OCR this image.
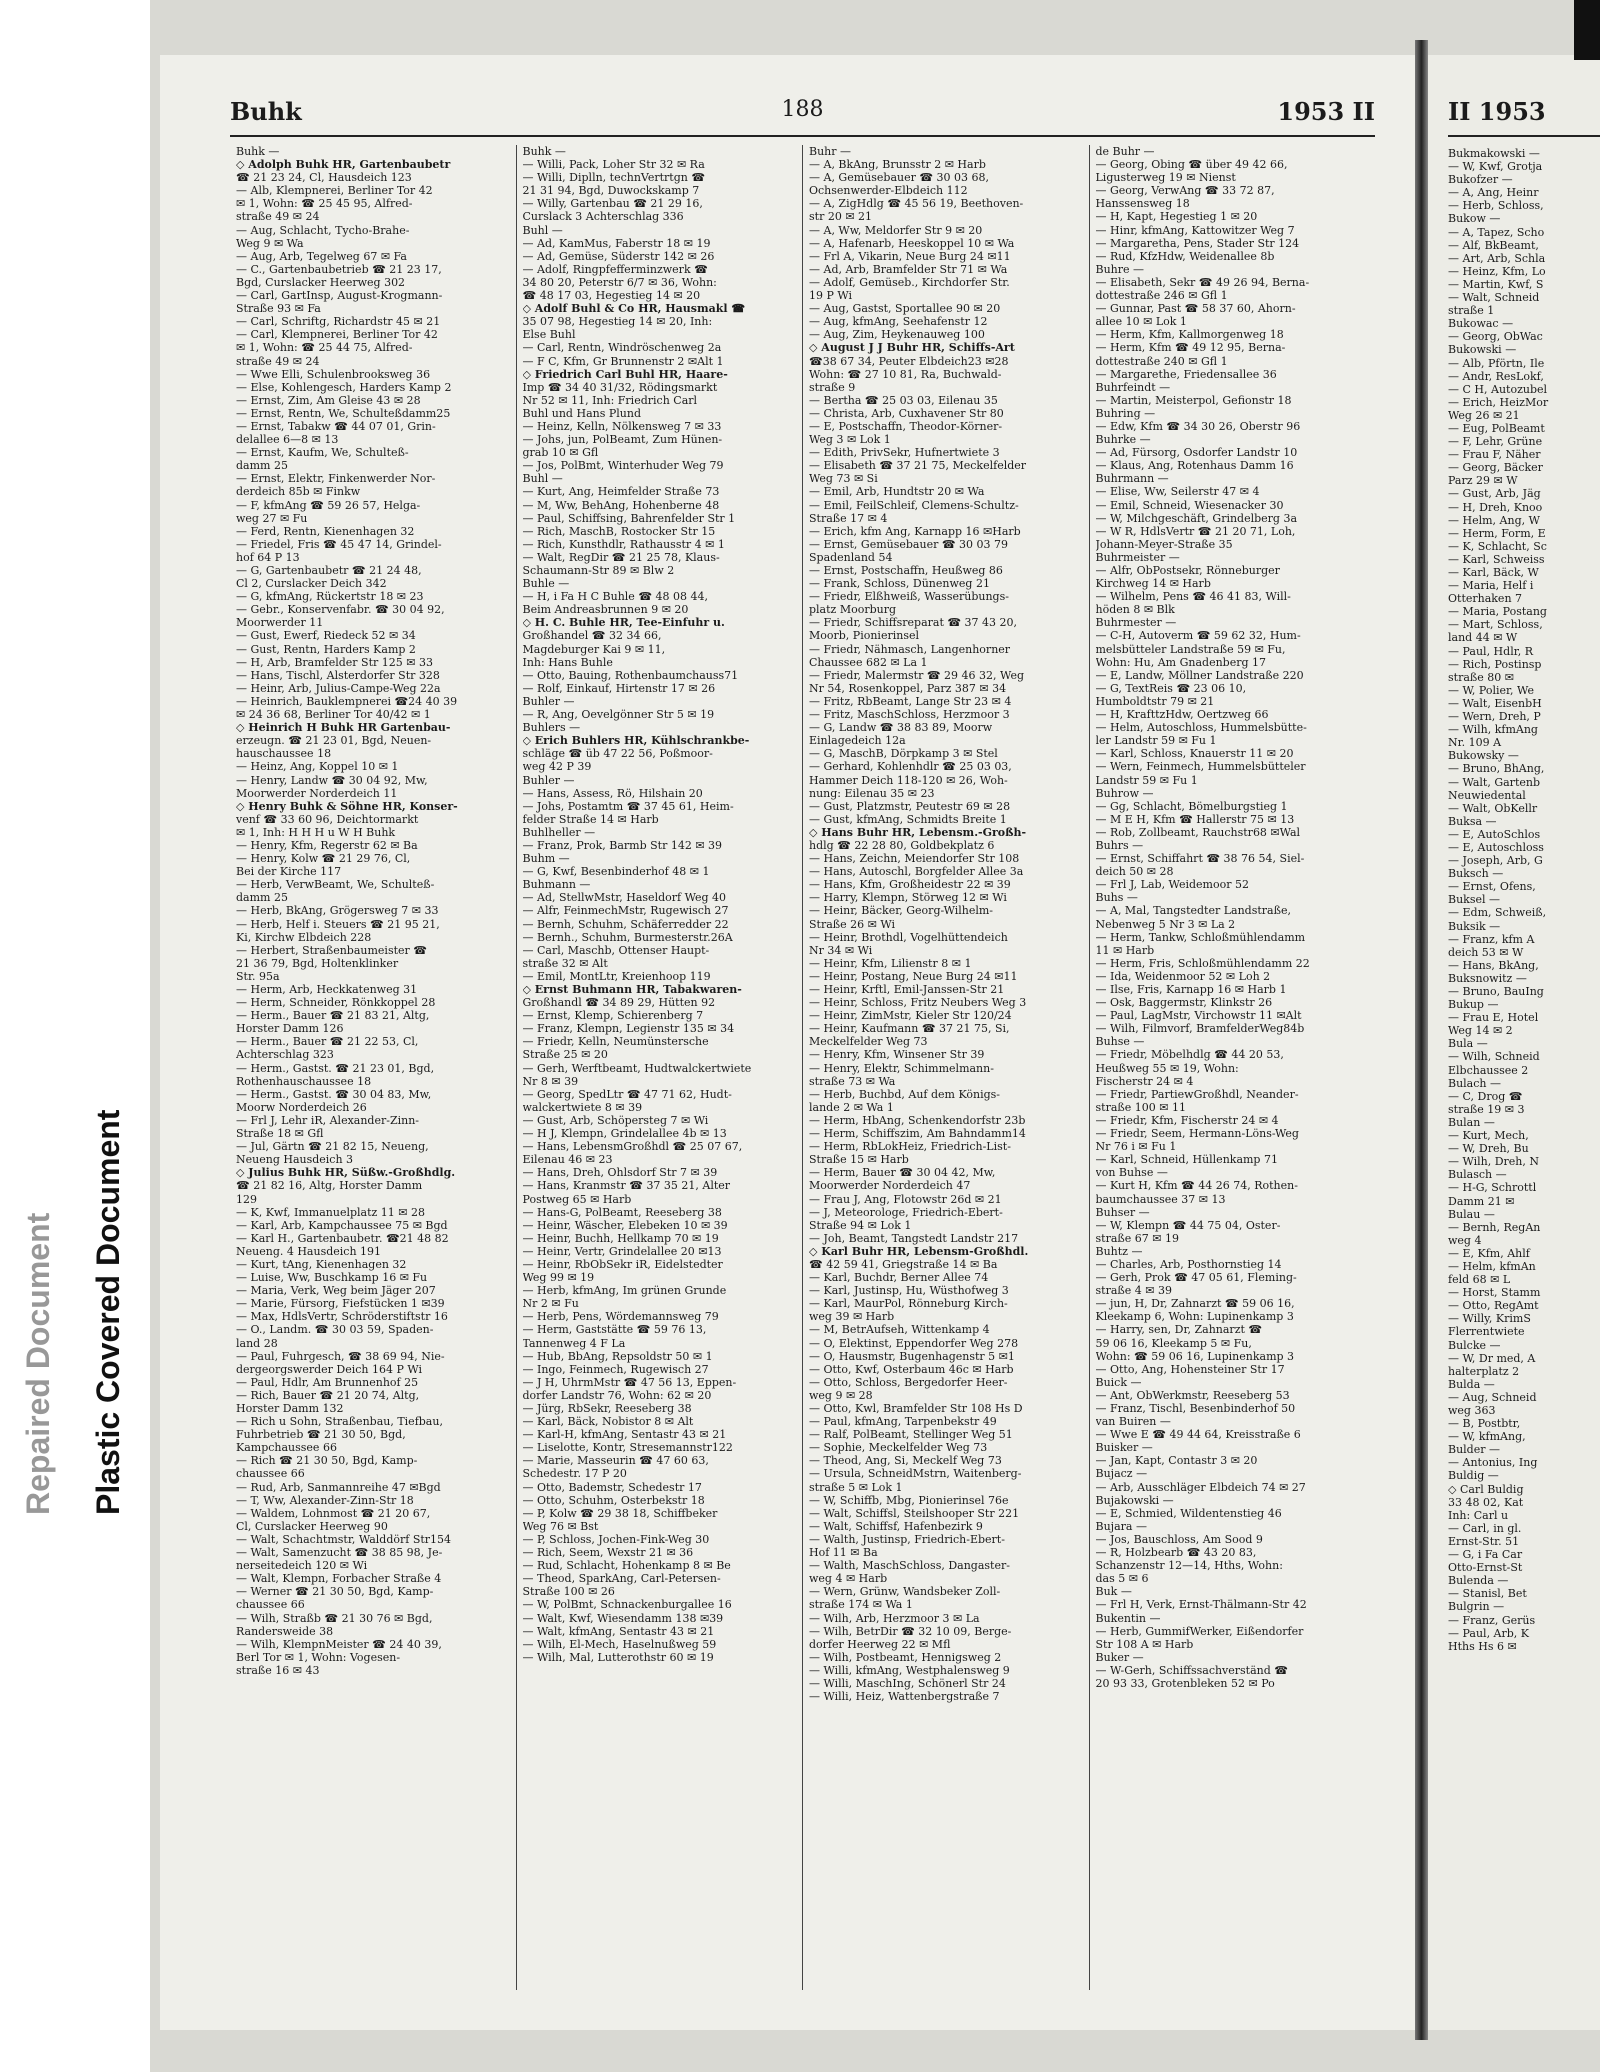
Repaired Document Plastic Covered Document
Buhk	188	1953 II
Buhk —
◇ Adolph Buhk HR, Gartenbaubetr
☎ 21 23 24, Cl, Hausdeich 123
— Alb, Klempnerei, Berliner Tor 42
✉ 1, Wohn: ☎ 25 45 95, Alfred-
straße 49 ✉ 24
— Aug, Schlacht, Tycho-Brahe-
Weg 9 ✉ Wa
— Aug, Arb, Tegelweg 67 ✉ Fa
— C., Gartenbaubetrieb ☎ 21 23 17,
Bgd, Curslacker Heerweg 302
— Carl, GartInsp, August-Krogmann-
Straße 93 ✉ Fa
— Carl, Schriftg, Richardstr 45 ✉ 21
— Carl, Klempnerei, Berliner Tor 42
✉ 1, Wohn: ☎ 25 44 75, Alfred-
straße 49 ✉ 24
— Wwe Elli, Schulenbrooksweg 36
— Else, Kohlengesch, Harders Kamp 2
— Ernst, Zim, Am Gleise 43 ✉ 28
— Ernst, Rentn, We, Schulteßdamm25
— Ernst, Tabakw ☎ 44 07 01, Grin-
delallee 6—8 ✉ 13
— Ernst, Kaufm, We, Schulteß-
damm 25
— Ernst, Elektr, Finkenwerder Nor-
derdeich 85b ✉ Finkw
— F, kfmAng ☎ 59 26 57, Helga-
weg 27 ✉ Fu
— Ferd, Rentn, Kienenhagen 32
— Friedel, Fris ☎ 45 47 14, Grindel-
hof 64 P 13
— G, Gartenbaubetr ☎ 21 24 48,
Cl 2, Curslacker Deich 342
— G, kfmAng, Rückertstr 18 ✉ 23
— Gebr., Konservenfabr. ☎ 30 04 92,
Moorwerder 11
— Gust, Ewerf, Riedeck 52 ✉ 34
— Gust, Rentn, Harders Kamp 2
— H, Arb, Bramfelder Str 125 ✉ 33
— Hans, Tischl, Alsterdorfer Str 328
— Heinr, Arb, Julius-Campe-Weg 22a
— Heinrich, Bauklempnerei ☎24 40 39
✉ 24 36 68, Berliner Tor 40/42 ✉ 1
◇ Heinrich H Buhk HR Gartenbau-
erzeugn. ☎ 21 23 01, Bgd, Neuen-
hauschaussee 18
— Heinz, Ang, Koppel 10 ✉ 1
— Henry, Landw ☎ 30 04 92, Mw,
Moorwerder Norderdeich 11
◇ Henry Buhk & Söhne HR, Konser-
venf ☎ 33 60 96, Deichtormarkt
✉ 1, Inh: H H H u W H Buhk
— Henry, Kfm, Regerstr 62 ✉ Ba
— Henry, Kolw ☎ 21 29 76, Cl,
Bei der Kirche 117
— Herb, VerwBeamt, We, Schulteß-
damm 25
— Herb, BkAng, Grögersweg 7 ✉ 33
— Herb, Helf i. Steuers ☎ 21 95 21,
Ki, Kirchw Elbdeich 228
— Herbert, Straßenbaumeister ☎
21 36 79, Bgd, Holtenklinker
Str. 95a
— Herm, Arb, Heckkatenweg 31
— Herm, Schneider, Rönkkoppel 28
— Herm., Bauer ☎ 21 83 21, Altg,
Horster Damm 126
— Herm., Bauer ☎ 21 22 53, Cl,
Achterschlag 323
— Herm., Gastst. ☎ 21 23 01, Bgd,
Rothenhauschaussee 18
— Herm., Gastst. ☎ 30 04 83, Mw,
Moorw Norderdeich 26
— Frl J, Lehr iR, Alexander-Zinn-
Straße 18 ✉ Gfl
— Jul, Gärtn ☎ 21 82 15, Neueng,
Neueng Hausdeich 3
◇ Julius Buhk HR, Süßw.-Großhdlg.
☎ 21 82 16, Altg, Horster Damm
129
— K, Kwf, Immanuelplatz 11 ✉ 28
— Karl, Arb, Kampchaussee 75 ✉ Bgd
— Karl H., Gartenbaubetr. ☎21 48 82
Neueng. 4 Hausdeich 191
— Kurt, tAng, Kienenhagen 32
— Luise, Ww, Buschkamp 16 ✉ Fu
— Maria, Verk, Weg beim Jäger 207
— Marie, Fürsorg, Fiefstücken 1 ✉39
— Max, HdlsVertr, Schröderstiftstr 16
— O., Landm. ☎ 30 03 59, Spaden-
land 28
— Paul, Fuhrgesch, ☎ 38 69 94, Nie-
dergeorgswerder Deich 164 P Wi
— Paul, Hdlr, Am Brunnenhof 25
— Rich, Bauer ☎ 21 20 74, Altg,
Horster Damm 132
— Rich u Sohn, Straßenbau, Tiefbau,
Fuhrbetrieb ☎ 21 30 50, Bgd,
Kampchaussee 66
— Rich ☎ 21 30 50, Bgd, Kamp-
chaussee 66
— Rud, Arb, Sanmannreihe 47 ✉Bgd
— T, Ww, Alexander-Zinn-Str 18
— Waldem, Lohnmost ☎ 21 20 67,
Cl, Curslacker Heerweg 90
— Walt, Schachtmstr, Walddörf Str154
— Walt, Samenzucht ☎ 38 85 98, Je-
nerseitedeich 120 ✉ Wi
— Walt, Klempn, Forbacher Straße 4
— Werner ☎ 21 30 50, Bgd, Kamp-
chaussee 66
— Wilh, Straßb ☎ 21 30 76 ✉ Bgd,
Randersweide 38
— Wilh, KlempnMeister ☎ 24 40 39,
Berl Tor ✉ 1, Wohn: Vogesen-
straße 16 ✉ 43
Buhk —
— Willi, Pack, Loher Str 32 ✉ Ra
— Willi, Diplln, technVertrtgn ☎
21 31 94, Bgd, Duwockskamp 7
— Willy, Gartenbau ☎ 21 29 16,
Curslack 3 Achterschlag 336
Buhl —
— Ad, KamMus, Faberstr 18 ✉ 19
— Ad, Gemüse, Süderstr 142 ✉ 26
— Adolf, Ringpfefferminzwerk ☎
34 80 20, Peterstr 6/7 ✉ 36, Wohn:
☎ 48 17 03, Hegestieg 14 ✉ 20
◇ Adolf Buhl & Co HR, Hausmakl ☎
35 07 98, Hegestieg 14 ✉ 20, Inh:
Else Buhl
— Carl, Rentn, Windröschenweg 2a
— F C, Kfm, Gr Brunnenstr 2 ✉Alt 1
◇ Friedrich Carl Buhl HR, Haare-
Imp ☎ 34 40 31/32, Rödingsmarkt
Nr 52 ✉ 11, Inh: Friedrich Carl
Buhl und Hans Plund
— Heinz, Kelln, Nölkensweg 7 ✉ 33
— Johs, jun, PolBeamt, Zum Hünen-
grab 10 ✉ Gfl
— Jos, PolBmt, Winterhuder Weg 79
Buhl —
— Kurt, Ang, Heimfelder Straße 73
— M, Ww, BehAng, Hohenberne 48
— Paul, Schiffsing, Bahrenfelder Str 1
— Rich, MaschB, Rostocker Str 15
— Rich, Kunsthdlr, Rathausstr 4 ✉ 1
— Walt, RegDir ☎ 21 25 78, Klaus-
Schaumann-Str 89 ✉ Blw 2
Buhle —
— H, i Fa H C Buhle ☎ 48 08 44,
Beim Andreasbrunnen 9 ✉ 20
◇ H. C. Buhle HR, Tee-Einfuhr u.
Großhandel ☎ 32 34 66,
Magdeburger Kai 9 ✉ 11,
Inh: Hans Buhle
— Otto, Bauing, Rothenbaumchauss71
— Rolf, Einkauf, Hirtenstr 17 ✉ 26
Buhler —
— R, Ang, Oevelgönner Str 5 ✉ 19
Buhlers —
◇ Erich Buhlers HR, Kühlschrankbe-
schläge ☎ üb 47 22 56, Poßmoor-
weg 42 P 39
Buhler —
— Hans, Assess, Rö, Hilshain 20
— Johs, Postamtm ☎ 37 45 61, Heim-
felder Straße 14 ✉ Harb
Buhlheller —
— Franz, Prok, Barmb Str 142 ✉ 39
Buhm —
— G, Kwf, Besenbinderhof 48 ✉ 1
Buhmann —
— Ad, StellwMstr, Haseldorf Weg 40
— Alfr, FeinmechMstr, Rugewisch 27
— Bernh, Schuhm, Schäferredder 22
— Bernh., Schuhm, Burmesterstr.26A
— Carl, Maschb, Ottenser Haupt-
straße 32 ✉ Alt
— Emil, MontLtr, Kreienhoop 119
◇ Ernst Buhmann HR, Tabakwaren-
Großhandl ☎ 34 89 29, Hütten 92
— Ernst, Klemp, Schierenberg 7
— Franz, Klempn, Legienstr 135 ✉ 34
— Friedr, Kelln, Neumünstersche
Straße 25 ✉ 20
— Gerh, Werftbeamt, Hudtwalckertwiete
Nr 8 ✉ 39
— Georg, SpedLtr ☎ 47 71 62, Hudt-
walckertwiete 8 ✉ 39
— Gust, Arb, Schöpersteg 7 ✉ Wi
— H J, Klempn, Grindelallee 4b ✉ 13
— Hans, LebensmGroßhdl ☎ 25 07 67,
Eilenau 46 ✉ 23
— Hans, Dreh, Ohlsdorf Str 7 ✉ 39
— Hans, Kranmstr ☎ 37 35 21, Alter
Postweg 65 ✉ Harb
— Hans-G, PolBeamt, Reeseberg 38
— Heinr, Wäscher, Elebeken 10 ✉ 39
— Heinr, Buchh, Hellkamp 70 ✉ 19
— Heinr, Vertr, Grindelallee 20 ✉13
— Heinr, RbObSekr iR, Eidelstedter
Weg 99 ✉ 19
— Herb, kfmAng, Im grünen Grunde
Nr 2 ✉ Fu
— Herb, Pens, Wördemannsweg 79
— Herm, Gaststätte ☎ 59 76 13,
Tannenweg 4 F La
— Hub, BbAng, Repsoldstr 50 ✉ 1
— Ingo, Feinmech, Rugewisch 27
— J H, UhrmMstr ☎ 47 56 13, Eppen-
dorfer Landstr 76, Wohn: 62 ✉ 20
— Jürg, RbSekr, Reeseberg 38
— Karl, Bäck, Nobistor 8 ✉ Alt
— Karl-H, kfmAng, Sentastr 43 ✉ 21
— Liselotte, Kontr, Stresemannstr122
— Marie, Masseurin ☎ 47 60 63,
Schedestr. 17 P 20
— Otto, Bademstr, Schedestr 17
— Otto, Schuhm, Osterbekstr 18
— P, Kolw ☎ 29 38 18, Schiffbeker
Weg 76 ✉ Bst
— P, Schloss, Jochen-Fink-Weg 30
— Rich, Seem, Wexstr 21 ✉ 36
— Rud, Schlacht, Hohenkamp 8 ✉ Be
— Theod, SparkAng, Carl-Petersen-
Straße 100 ✉ 26
— W, PolBmt, Schnackenburgallee 16
— Walt, Kwf, Wiesendamm 138 ✉39
— Walt, kfmAng, Sentastr 43 ✉ 21
— Wilh, El-Mech, Haselnußweg 59
— Wilh, Mal, Lutterothstr 60 ✉ 19
Buhr —
— A, BkAng, Brunsstr 2 ✉ Harb
— A, Gemüsebauer ☎ 30 03 68,
Ochsenwerder-Elbdeich 112
— A, ZigHdlg ☎ 45 56 19, Beethoven-
str 20 ✉ 21
— A, Ww, Meldorfer Str 9 ✉ 20
— A, Hafenarb, Heeskoppel 10 ✉ Wa
— Frl A, Vikarin, Neue Burg 24 ✉11
— Ad, Arb, Bramfelder Str 71 ✉ Wa
— Adolf, Gemüseb., Kirchdorfer Str.
19 P Wi
— Aug, Gastst, Sportallee 90 ✉ 20
— Aug, kfmAng, Seehafenstr 12
— Aug, Zim, Heykenauweg 100
◇ August J J Buhr HR, Schiffs-Art
☎38 67 34, Peuter Elbdeich23 ✉28
Wohn: ☎ 27 10 81, Ra, Buchwald-
straße 9
— Bertha ☎ 25 03 03, Eilenau 35
— Christa, Arb, Cuxhavener Str 80
— E, Postschaffn, Theodor-Körner-
Weg 3 ✉ Lok 1
— Edith, PrivSekr, Hufnertwiete 3
— Elisabeth ☎ 37 21 75, Meckelfelder
Weg 73 ✉ Si
— Emil, Arb, Hundtstr 20 ✉ Wa
— Emil, FeilSchleif, Clemens-Schultz-
Straße 17 ✉ 4
— Erich, kfm Ang, Karnapp 16 ✉Harb
— Ernst, Gemüsebauer ☎ 30 03 79
Spadenland 54
— Ernst, Postschaffn, Heußweg 86
— Frank, Schloss, Dünenweg 21
— Friedr, Elßhweiß, Wasserübungs-
platz Moorburg
— Friedr, Schiffsreparat ☎ 37 43 20,
Moorb, Pionierinsel
— Friedr, Nähmasch, Langenhorner
Chaussee 682 ✉ La 1
— Friedr, Malermstr ☎ 29 46 32, Weg
Nr 54, Rosenkoppel, Parz 387 ✉ 34
— Fritz, RbBeamt, Lange Str 23 ✉ 4
— Fritz, MaschSchloss, Herzmoor 3
— G, Landw ☎ 38 83 89, Moorw
Einlagedeich 12a
— G, MaschB, Dörpkamp 3 ✉ Stel
— Gerhard, Kohlenhdlr ☎ 25 03 03,
Hammer Deich 118-120 ✉ 26, Woh-
nung: Eilenau 35 ✉ 23
— Gust, Platzmstr, Peutestr 69 ✉ 28
— Gust, kfmAng, Schmidts Breite 1
◇ Hans Buhr HR, Lebensm.-Großh-
hdlg ☎ 22 28 80, Goldbekplatz 6
— Hans, Zeichn, Meiendorfer Str 108
— Hans, Autoschl, Borgfelder Allee 3a
— Hans, Kfm, Großheidestr 22 ✉ 39
— Harry, Klempn, Störweg 12 ✉ Wi
— Heinr, Bäcker, Georg-Wilhelm-
Straße 26 ✉ Wi
— Heinr, Brothdl, Vogelhüttendeich
Nr 34 ✉ Wi
— Heinr, Kfm, Lilienstr 8 ✉ 1
— Heinr, Postang, Neue Burg 24 ✉11
— Heinr, Krftl, Emil-Janssen-Str 21
— Heinr, Schloss, Fritz Neubers Weg 3
— Heinr, ZimMstr, Kieler Str 120/24
— Heinr, Kaufmann ☎ 37 21 75, Si,
Meckelfelder Weg 73
— Henry, Kfm, Winsener Str 39
— Henry, Elektr, Schimmelmann-
straße 73 ✉ Wa
— Herb, Buchbd, Auf dem Königs-
lande 2 ✉ Wa 1
— Herm, HbAng, Schenkendorfstr 23b
— Herm, Schiffszim, Am Bahndamm14
— Herm, RbLokHeiz, Friedrich-List-
Straße 15 ✉ Harb
— Herm, Bauer ☎ 30 04 42, Mw,
Moorwerder Norderdeich 47
— Frau J, Ang, Flotowstr 26d ✉ 21
— J, Meteorologe, Friedrich-Ebert-
Straße 94 ✉ Lok 1
— Joh, Beamt, Tangstedt Landstr 217
◇ Karl Buhr HR, Lebensm-Großhdl.
☎ 42 59 41, Griegstraße 14 ✉ Ba
— Karl, Buchdr, Berner Allee 74
— Karl, Justinsp, Hu, Wüsthofweg 3
— Karl, MaurPol, Rönneburg Kirch-
weg 39 ✉ Harb
— M, BetrAufseh, Wittenkamp 4
— O, Elektinst, Eppendorfer Weg 278
— O, Hausmstr, Bugenhagenstr 5 ✉1
— Otto, Kwf, Osterbaum 46c ✉ Harb
— Otto, Schloss, Bergedorfer Heer-
weg 9 ✉ 28
— Otto, Kwl, Bramfelder Str 108 Hs D
— Paul, kfmAng, Tarpenbekstr 49
— Ralf, PolBeamt, Stellinger Weg 51
— Sophie, Meckelfelder Weg 73
— Theod, Ang, Si, Meckelf Weg 73
— Ursula, SchneidMstrn, Waitenberg-
straße 5 ✉ Lok 1
— W, Schiffb, Mbg, Pionierinsel 76e
— Walt, Schiffsl, Steilshooper Str 221
— Walt, Schiffsf, Hafenbezirk 9
— Walth, Justinsp, Friedrich-Ebert-
Hof 11 ✉ Ba
— Walth, MaschSchloss, Dangaster-
weg 4 ✉ Harb
— Wern, Grünw, Wandsbeker Zoll-
straße 174 ✉ Wa 1
— Wilh, Arb, Herzmoor 3 ✉ La
— Wilh, BetrDir ☎ 32 10 09, Berge-
dorfer Heerweg 22 ✉ Mfl
— Wilh, Postbeamt, Hennigsweg 2
— Willi, kfmAng, Westphalensweg 9
— Willi, MaschIng, Schönerl Str 24
— Willi, Heiz, Wattenbergstraße 7
de Buhr —
— Georg, Obing ☎ über 49 42 66,
Ligusterweg 19 ✉ Nienst
— Georg, VerwAng ☎ 33 72 87,
Hanssensweg 18
— H, Kapt, Hegestieg 1 ✉ 20
— Hinr, kfmAng, Kattowitzer Weg 7
— Margaretha, Pens, Stader Str 124
— Rud, KfzHdw, Weidenallee 8b
Buhre —
— Elisabeth, Sekr ☎ 49 26 94, Berna-
dottestraße 246 ✉ Gfl 1
— Gunnar, Past ☎ 58 37 60, Ahorn-
allee 10 ✉ Lok 1
— Herm, Kfm, Kallmorgenweg 18
— Herm, Kfm ☎ 49 12 95, Berna-
dottestraße 240 ✉ Gfl 1
— Margarethe, Friedensallee 36
Buhrfeindt —
— Martin, Meisterpol, Gefionstr 18
Buhring —
— Edw, Kfm ☎ 34 30 26, Oberstr 96
Buhrke —
— Ad, Fürsorg, Osdorfer Landstr 10
— Klaus, Ang, Rotenhaus Damm 16
Buhrmann —
— Elise, Ww, Seilerstr 47 ✉ 4
— Emil, Schneid, Wiesenacker 30
— W, Milchgeschäft, Grindelberg 3a
— W R, HdlsVertr ☎ 21 20 71, Loh,
Johann-Meyer-Straße 35
Buhrmeister —
— Alfr, ObPostsekr, Rönneburger
Kirchweg 14 ✉ Harb
— Wilhelm, Pens ☎ 46 41 83, Will-
höden 8 ✉ Blk
Buhrmester —
— C-H, Autoverm ☎ 59 62 32, Hum-
melsbütteler Landstraße 59 ✉ Fu,
Wohn: Hu, Am Gnadenberg 17
— E, Landw, Möllner Landstraße 220
— G, TextReis ☎ 23 06 10,
Humboldtstr 79 ✉ 21
— H, KrafttzHdw, Oertzweg 66
— Helm, Autoschloss, Hummelsbütte-
ler Landstr 59 ✉ Fu 1
— Karl, Schloss, Knauerstr 11 ✉ 20
— Wern, Feinmech, Hummelsbütteler
Landstr 59 ✉ Fu 1
Buhrow —
— Gg, Schlacht, Bömelburgstieg 1
— M E H, Kfm ☎ Hallerstr 75 ✉ 13
— Rob, Zollbeamt, Rauchstr68 ✉Wal
Buhrs —
— Ernst, Schiffahrt ☎ 38 76 54, Siel-
deich 50 ✉ 28
— Frl J, Lab, Weidemoor 52
Buhs —
— A, Mal, Tangstedter Landstraße,
Nebenweg 5 Nr 3 ✉ La 2
— Herm, Tankw, Schloßmühlendamm
11 ✉ Harb
— Herm, Fris, Schloßmühlendamm 22
— Ida, Weidenmoor 52 ✉ Loh 2
— Ilse, Fris, Karnapp 16 ✉ Harb 1
— Osk, Baggermstr, Klinkstr 26
— Paul, LagMstr, Virchowstr 11 ✉Alt
— Wilh, Filmvorf, BramfelderWeg84b
Buhse —
— Friedr, Möbelhdlg ☎ 44 20 53,
Heußweg 55 ✉ 19, Wohn:
Fischerstr 24 ✉ 4
— Friedr, PartiewGroßhdl, Neander-
straße 100 ✉ 11
— Friedr, Kfm, Fischerstr 24 ✉ 4
— Friedr, Seem, Hermann-Löns-Weg
Nr 76 i ✉ Fu 1
— Karl, Schneid, Hüllenkamp 71
von Buhse —
— Kurt H, Kfm ☎ 44 26 74, Rothen-
baumchaussee 37 ✉ 13
Buhser —
— W, Klempn ☎ 44 75 04, Oster-
straße 67 ✉ 19
Buhtz —
— Charles, Arb, Posthornstieg 14
— Gerh, Prok ☎ 47 05 61, Fleming-
straße 4 ✉ 39
— jun, H, Dr, Zahnarzt ☎ 59 06 16,
Kleekamp 6, Wohn: Lupinenkamp 3
— Harry, sen, Dr, Zahnarzt ☎
59 06 16, Kleekamp 5 ✉ Fu,
Wohn: ☎ 59 06 16, Lupinenkamp 3
— Otto, Ang, Hohensteiner Str 17
Buick —
— Ant, ObWerkmstr, Reeseberg 53
— Franz, Tischl, Besenbinderhof 50
van Buiren —
— Wwe E ☎ 49 44 64, Kreisstraße 6
Buisker —
— Jan, Kapt, Contastr 3 ✉ 20
Bujacz —
— Arb, Ausschläger Elbdeich 74 ✉ 27
Bujakowski —
— E, Schmied, Wildentenstieg 46
Bujara —
— Jos, Bauschloss, Am Sood 9
— R, Holzbearb ☎ 43 20 83,
Schanzenstr 12—14, Hths, Wohn:
das 5 ✉ 6
Buk —
— Frl H, Verk, Ernst-Thälmann-Str 42
Bukentin —
— Herb, GummifWerker, Eißendorfer
Str 108 A ✉ Harb
Buker —
— W-Gerh, Schiffssachverständ ☎
20 93 33, Grotenbleken 52 ✉ Po
II 1953
Bukmakowski —
— W, Kwf, Grotja
Bukofzer —
— A, Ang, Heinr
— Herb, Schloss,
Bukow —
— A, Tapez, Scho
— Alf, BkBeamt,
— Art, Arb, Schla
— Heinz, Kfm, Lo
— Martin, Kwf, S
— Walt, Schneid
straße 1
Bukowac —
— Georg, ObWac
Bukowski —
— Alb, Pförtn, Ile
— Andr, ResLokf,
— C H, Autozubel
— Erich, HeizMor
Weg 26 ✉ 21
— Eug, PolBeamt
— F, Lehr, Grüne
— Frau F, Näher
— Georg, Bäcker
Parz 29 ✉ W
— Gust, Arb, Jäg
— H, Dreh, Knoo
— Helm, Ang, W
— Herm, Form, E
— K, Schlacht, Sc
— Karl, Schweiss
— Karl, Bäck, W
— Maria, Helf i
Otterhaken 7
— Maria, Postang
— Mart, Schloss,
land 44 ✉ W
— Paul, Hdlr, R
— Rich, Postinsp
straße 80 ✉
— W, Polier, We
— Walt, EisenbH
— Wern, Dreh, P
— Wilh, kfmAng
Nr. 109 A
Bukowsky —
— Bruno, BhAng,
— Walt, Gartenb
Neuwiedental
— Walt, ObKellr
Buksa —
— E, AutoSchlos
— E, Autoschloss
— Joseph, Arb, G
Buksch —
— Ernst, Ofens,
Buksel —
— Edm, Schweiß,
Buksik —
— Franz, kfm A
deich 53 ✉ W
— Hans, BkAng,
Buksnowitz —
— Bruno, BauIng
Bukup —
— Frau E, Hotel
Weg 14 ✉ 2
Bula —
— Wilh, Schneid
Elbchaussee 2
Bulach —
— C, Drog ☎
straße 19 ✉ 3
Bulan —
— Kurt, Mech,
— W, Dreh, Bu
— Wilh, Dreh, N
Bulasch —
— H-G, Schrottl
Damm 21 ✉
Bulau —
— Bernh, RegAn
weg 4
— E, Kfm, Ahlf
— Helm, kfmAn
feld 68 ✉ L
— Horst, Stamm
— Otto, RegAmt
— Willy, KrimS
Flerrentwiete
Bulcke —
— W, Dr med, A
halterplatz 2
Bulda —
— Aug, Schneid
weg 363
— B, Postbtr,
— W, kfmAng,
Bulder —
— Antonius, Ing
Buldig —
◇ Carl Buldig
33 48 02, Kat
Inh: Carl u
— Carl, in gl.
Ernst-Str. 51
— G, i Fa Car
Otto-Ernst-St
Bulenda —
— Stanisl, Bet
Bulgrin —
— Franz, Gerüs
— Paul, Arb, K
Hths Hs 6 ✉
